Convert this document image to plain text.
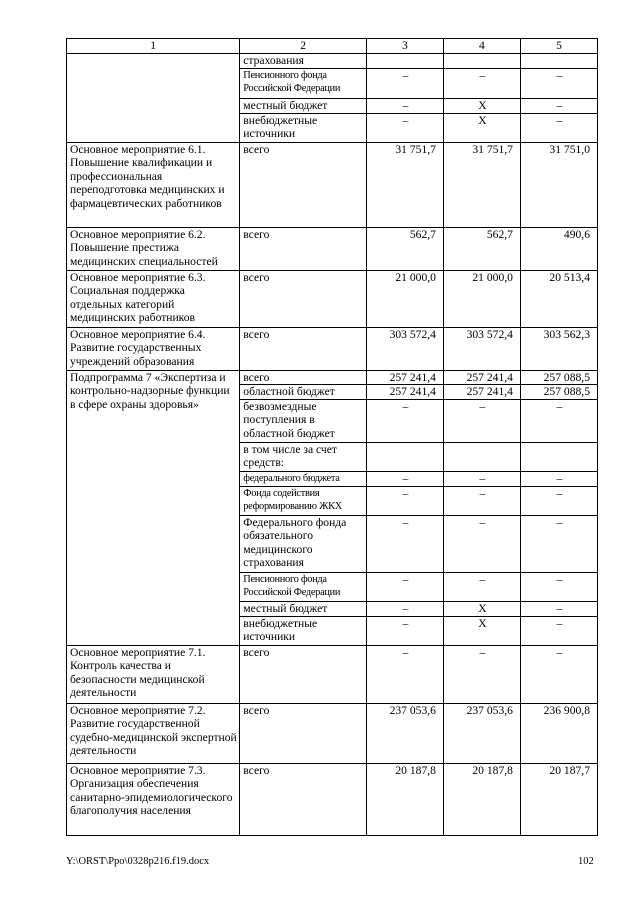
1	2	3	4	5
	страхования			
	Пенсионного фонда Российской Федерации	–	–	–
	местный бюджет	–	Х	–
	внебюджетные источники	–	Х	–
Основное мероприятие 6.1. Повышение квалификации и профессиональная переподготовка медицинских и фармацевтических работников	всего	31 751,7	31 751,7	31 751,0
Основное мероприятие 6.2. Повышение престижа медицинских специальностей	всего	562,7	562,7	490,6
Основное мероприятие 6.3. Социальная поддержка отдельных категорий медицинских работников	всего	21 000,0	21 000,0	20 513,4
Основное мероприятие 6.4. Развитие государственных учреждений образования	всего	303 572,4	303 572,4	303 562,3
Подпрограмма 7 «Экспертиза и контрольно-надзорные функции в сфере охраны здоровья»	всего	257 241,4	257 241,4	257 088,5
	областной бюджет	257 241,4	257 241,4	257 088,5
	безвозмездные поступления в областной бюджет	–	–	–
	в том числе за счет средств:			
	федерального бюджета	–	–	–
	Фонда содействия реформированию ЖКХ	–	–	–
	Федерального фонда обязательного медицинского страхования	–	–	–
	Пенсионного фонда Российской Федерации	–	–	–
	местный бюджет	–	Х	–
	внебюджетные источники	–	Х	–
Основное мероприятие 7.1. Контроль качества и безопасности медицинской деятельности	всего	–	–	–
Основное мероприятие 7.2. Развитие государственной судебно-медицинской экспертной деятельности	всего	237 053,6	237 053,6	236 900,8
Основное мероприятие 7.3. Организация обеспечения санитарно-эпидемиологического благополучия населения	всего	20 187,8	20 187,8	20 187,7
Y:\ORST\Ppo\0328p216.f19.docx	102
